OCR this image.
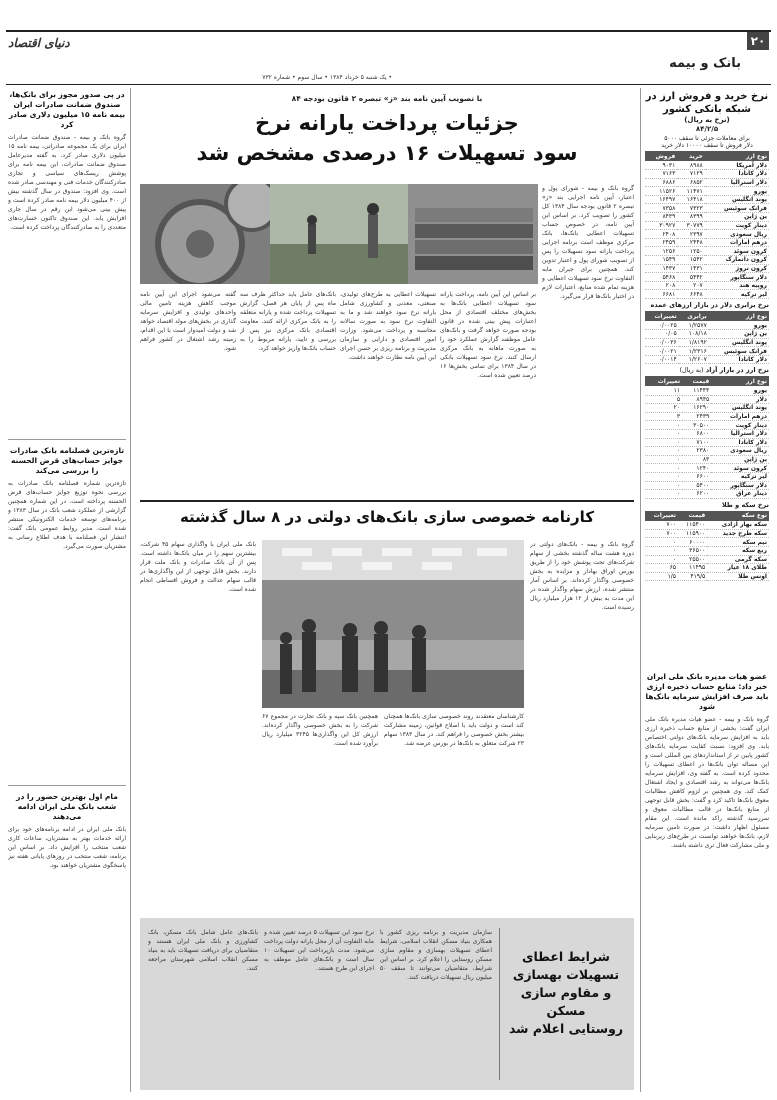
۲۰
بانک و بیمه
دنیای اقتصاد
• یک شنبه ۵ خرداد ۱۳۸۴ • سال سوم • شماره ۷۳۲
نرخ خرید و فروش ارز در شبکه بانکی کشور
(نرخ به ریال)
۸۴/۲/۵
برای معاملات جزئی تا سقف ۵۰۰۰
دلار فروش تا سقف ۱۰۰۰۰ دلار خرید
نوع ارز	خرید	فروش
دلار آمریکا	۸۹۸۸	۹۰۳۱
دلار کانادا	۷۱۲۹	۷۱۶۳
دلار استرالیا	۶۸۵۲	۶۸۸۶
یورو	۱۱۴۷۱	۱۱۵۲۶
پوند انگلیس	۱۶۴۱۸	۱۶۴۹۷
فرانک سوئیس	۷۳۲۳	۷۳۵۸
ین ژاپن	۸۳۹۹	۸۴۳۹
دینار کویت	۳۰۷۷۹	۳۰۹۲۷
ریال سعودی	۲۳۹۷	۲۴۰۸
درهم امارات	۲۴۴۸	۲۴۵۹
کرون سوئد	۱۲۵۰	۱۲۵۶
کرون دانمارک	۱۵۴۲	۱۵۴۹
کرون نروژ	۱۴۳۱	۱۴۳۷
دلار سنگاپور	۵۴۴۲	۵۴۶۸
روپیه هند	۲۰۷	۲۰۸
لیر ترکیه	۶۶۴۸	۶۶۸۱
نرخ برابری دلار در بازار ارزهای عمده
نوع ارز	برابری	تغییرات
یورو	۱/۲۵۷۷	۰/۰۰۲۵
ین ژاپن	۱۰۸/۱۸	۰/۰۵
پوند انگلیس	۱/۸۱۹۲	۰/۰۰۳۶
فرانک سوئیس	۱/۲۳۱۶	۰/۰۰۲۱
دلار کانادا	۱/۲۶۰۷	۰/۰۰۱۴
نرخ ارز در بازار آزاد (به ریال)
نوع ارز	قیمت	تغییرات
یورو	۱۱۴۴۴	۱۱
دلار	۸۹۴۵	۵
پوند انگلیس	۱۶۲۹۰	۲۰
درهم امارات	۲۴۳۹	۳
دینار کویت	۳۰۵۰۰	۰
دلار استرالیا	۶۸۰۰	۰
دلار کانادا	۷۱۰۰	۰
ریال سعودی	۲۳۸۰	۰
ین ژاپن	۸۳	۰
کرون سوئد	۱۲۴۰	۰
لیر ترکیه	۶۶۰۰	۰
دلار سنگاپور	۵۴۰۰	۰
دینار عراق	۶۲۰۰	۰
نرخ سکه و طلا
نوع سکه	قیمت	تغییرات
سکه بهار آزادی	۱۱۵۴۰۰	۷۰۰
سکه طرح جدید	۱۱۵۹۰۰	۷۰۰
نیم سکه	۶۰۰۰۰	۰
ربع سکه	۳۶۵۰۰	۰
سکه گرمی	۲۵۵۰۰	۰
طلای ۱۸ عیار	۱۱۴۹۵	۶۵
اونس طلا	۴۱۹/۵	۱/۵
عضو هیات مدیره بانک ملی ایران خبر داد: منابع حساب ذخیره ارزی باید صرف افزایش سرمایه بانک‌ها شود
گروه بانک و بیمه - عضو هیات مدیره بانک ملی ایران گفت: بخشی از منابع حساب ذخیره ارزی باید به افزایش سرمایه بانک‌های دولتی اختصاص یابد. وی افزود: نسبت کفایت سرمایه بانک‌های کشور پایین تر از استانداردهای بین المللی است و این مساله توان بانک‌ها در اعطای تسهیلات را محدود کرده است. به گفته وی، افزایش سرمایه بانک‌ها می‌تواند به رشد اقتصادی و ایجاد اشتغال کمک کند. وی همچنین بر لزوم کاهش مطالبات معوق بانک‌ها تاکید کرد و گفت: بخش قابل توجهی از منابع بانک‌ها در قالب مطالبات معوق و سررسید گذشته راکد مانده است. این مقام مسئول اظهار داشت: در صورت تامین سرمایه لازم، بانک‌ها خواهند توانست در طرح‌های زیربنایی و ملی مشارکت فعال تری داشته باشند.
در پی صدور مجوز برای بانک‌ها، صندوق ضمانت صادرات ایران بیمه نامه ۱۵ میلیون دلاری صادر کرد
گروه بانک و بیمه - صندوق ضمانت صادرات ایران برای یک مجموعه صادراتی، بیمه نامه ۱۵ میلیون دلاری صادر کرد. به گفته مدیرعامل صندوق ضمانت صادرات، این بیمه نامه برای پوشش ریسک‌های سیاسی و تجاری صادرکنندگان خدمات فنی و مهندسی صادر شده است. وی افزود: صندوق در سال گذشته بیش از ۴۰۰ میلیون دلار بیمه نامه صادر کرده است و پیش بینی می‌شود این رقم در سال جاری افزایش یابد. این صندوق تاکنون خسارت‌های متعددی را به صادرکنندگان پرداخت کرده است.
تازه‌ترین فصلنامه بانک صادرات جوایز حساب‌های قرض الحسنه را بررسی می‌کند
تازه‌ترین شماره فصلنامه بانک صادرات به بررسی نحوه توزیع جوایز حساب‌های قرض الحسنه پرداخته است. در این شماره همچنین گزارشی از عملکرد شعب بانک در سال ۱۳۸۳ و برنامه‌های توسعه خدمات الکترونیکی منتشر شده است. مدیر روابط عمومی بانک گفت: انتشار این فصلنامه با هدف اطلاع رسانی به مشتریان صورت می‌گیرد.
مام اول بهترین حضور را در شعب بانک ملی ایران ادامه می‌دهند
بانک ملی ایران در ادامه برنامه‌های خود برای ارائه خدمات بهتر به مشتریان، ساعات کاری شعب منتخب را افزایش داد. بر اساس این برنامه، شعب منتخب در روزهای پایانی هفته نیز پاسخگوی مشتریان خواهند بود.
با تصویب آیین نامه بند «ز» تبصره ۲ قانون بودجه ۸۴
جزئیات پرداخت یارانه نرخ
سود تسهیلات ۱۶ درصدی مشخص شد
گروه بانک و بیمه - شورای پول و اعتبار، آیین نامه اجرایی بند «ز» تبصره ۲ قانون بودجه سال ۱۳۸۴ کل کشور را تصویب کرد. بر اساس این آیین نامه، در خصوص حساب تسهیلات اعطایی بانک‌ها، بانک مرکزی موظف است برنامه اجرایی پرداخت یارانه سود تسهیلات را پس از تصویب شورای پول و اعتبار تدوین کند. همچنین برای جبران مابه التفاوت نرخ سود تسهیلات اعطایی و هزینه تمام شده منابع، اعتبارات لازم در اختیار بانک‌ها قرار می‌گیرد.
بر اساس این آیین نامه، پرداخت یارانه سود تسهیلات اعطایی بانک‌ها به بخش‌های مختلف اقتصادی از محل اعتبارات پیش بینی شده در قانون بودجه صورت خواهد گرفت و بانک‌های عامل موظفند گزارش عملکرد خود را به صورت ماهانه به بانک مرکزی ارسال کنند. نرخ سود تسهیلات بانکی در سال ۱۳۸۴ برای تمامی بخش‌ها ۱۶ درصد تعیین شده است.
تسهیلات اعطایی به طرح‌های تولیدی، صنعتی، معدنی و کشاورزی شامل یارانه نرخ سود خواهند شد و ما به التفاوت نرخ سود به صورت سالانه محاسبه و پرداخت می‌شود. وزارت امور اقتصادی و دارایی و سازمان مدیریت و برنامه ریزی بر حسن اجرای این آیین نامه نظارت خواهند داشت.
بانک‌های عامل باید حداکثر ظرف سه ماه پس از پایان هر فصل، گزارش تسهیلات پرداخت شده و یارانه متعلقه را به بانک مرکزی ارائه کنند. معاونت اقتصادی بانک مرکزی نیز پس از بررسی و تایید، یارانه مربوط را به حساب بانک‌ها واریز خواهد کرد.
گفته می‌شود اجرای این آیین نامه موجب کاهش هزینه تامین مالی واحدهای تولیدی و افزایش سرمایه گذاری در بخش‌های مولد اقتصاد خواهد شد و دولت امیدوار است با این اقدام، زمینه رشد اشتغال در کشور فراهم شود.
کارنامه خصوصی سازی بانک‌های دولتی در ۸ سال گذشته
گروه بانک و بیمه - بانک‌های دولتی در دوره هشت ساله گذشته بخشی از سهام شرکت‌های تحت پوشش خود را از طریق بورس اوراق بهادار و مزایده به بخش خصوصی واگذار کرده‌اند. بر اساس آمار منتشر شده، ارزش سهام واگذار شده در این مدت به بیش از ۱۲ هزار میلیارد ریال رسیده است.
بانک ملی ایران با واگذاری سهام ۴۵ شرکت، بیشترین سهم را در میان بانک‌ها داشته است. پس از آن بانک صادرات و بانک ملت قرار دارند. بخش قابل توجهی از این واگذاری‌ها در قالب سهام عدالت و فروش اقساطی انجام شده است.
کارشناسان معتقدند روند خصوصی سازی بانک‌ها همچنان کند است و دولت باید با اصلاح قوانین، زمینه مشارکت بیشتر بخش خصوصی را فراهم کند. در سال ۱۳۸۳ سهام ۲۳ شرکت متعلق به بانک‌ها در بورس عرضه شد.
همچنین بانک سپه و بانک تجارت در مجموع ۶۷ شرکت را به بخش خصوصی واگذار کرده‌اند. ارزش کل این واگذاری‌ها ۳۲۴۵ میلیارد ریال برآورد شده است.
شرایط اعطای
تسهیلات بهسازی
و مقاوم سازی مسکن
روستایی اعلام شد
سازمان مدیریت و برنامه ریزی کشور با همکاری بنیاد مسکن انقلاب اسلامی، شرایط اعطای تسهیلات بهسازی و مقاوم سازی مسکن روستایی را اعلام کرد. بر اساس این شرایط، متقاضیان می‌توانند تا سقف ۵۰ میلیون ریال تسهیلات دریافت کنند.
نرخ سود این تسهیلات ۵ درصد تعیین شده و مابه التفاوت آن از محل یارانه دولت پرداخت می‌شود. مدت بازپرداخت این تسهیلات ۱۰ سال است و بانک‌های عامل موظف به اجرای این طرح هستند.
بانک‌های عامل شامل بانک مسکن، بانک کشاورزی و بانک ملی ایران هستند و متقاضیان برای دریافت تسهیلات باید به بنیاد مسکن انقلاب اسلامی شهرستان مراجعه کنند.
